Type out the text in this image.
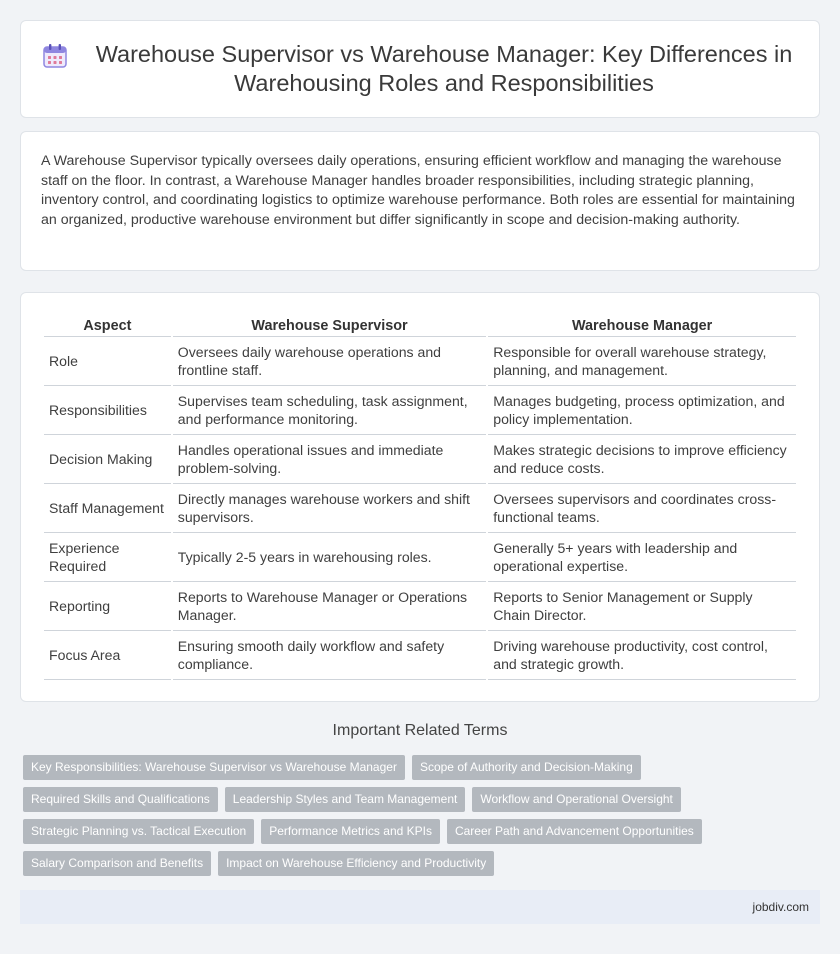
Warehouse Supervisor vs Warehouse Manager: Key Differences in Warehousing Roles and Responsibilities

A Warehouse Supervisor typically oversees daily operations, ensuring efficient workflow and managing the warehouse staff on the floor. In contrast, a Warehouse Manager handles broader responsibilities, including strategic planning, inventory control, and coordinating logistics to optimize warehouse performance. Both roles are essential for maintaining an organized, productive warehouse environment but differ significantly in scope and decision-making authority.

Aspect	Warehouse Supervisor	Warehouse Manager
Role	Oversees daily warehouse operations and frontline staff.	Responsible for overall warehouse strategy, planning, and management.
Responsibilities	Supervises team scheduling, task assignment, and performance monitoring.	Manages budgeting, process optimization, and policy implementation.
Decision Making	Handles operational issues and immediate problem-solving.	Makes strategic decisions to improve efficiency and reduce costs.
Staff Management	Directly manages warehouse workers and shift supervisors.	Oversees supervisors and coordinates cross-functional teams.
Experience Required	Typically 2-5 years in warehousing roles.	Generally 5+ years with leadership and operational expertise.
Reporting	Reports to Warehouse Manager or Operations Manager.	Reports to Senior Management or Supply Chain Director.
Focus Area	Ensuring smooth daily workflow and safety compliance.	Driving warehouse productivity, cost control, and strategic growth.
Important Related Terms
Key Responsibilities: Warehouse Supervisor vs Warehouse Manager	Scope of Authority and Decision-Making
Required Skills and Qualifications	Leadership Styles and Team Management	Workflow and Operational Oversight
Strategic Planning vs. Tactical Execution	Performance Metrics and KPIs	Career Path and Advancement Opportunities
Salary Comparison and Benefits	Impact on Warehouse Efficiency and Productivity
jobdiv.com
